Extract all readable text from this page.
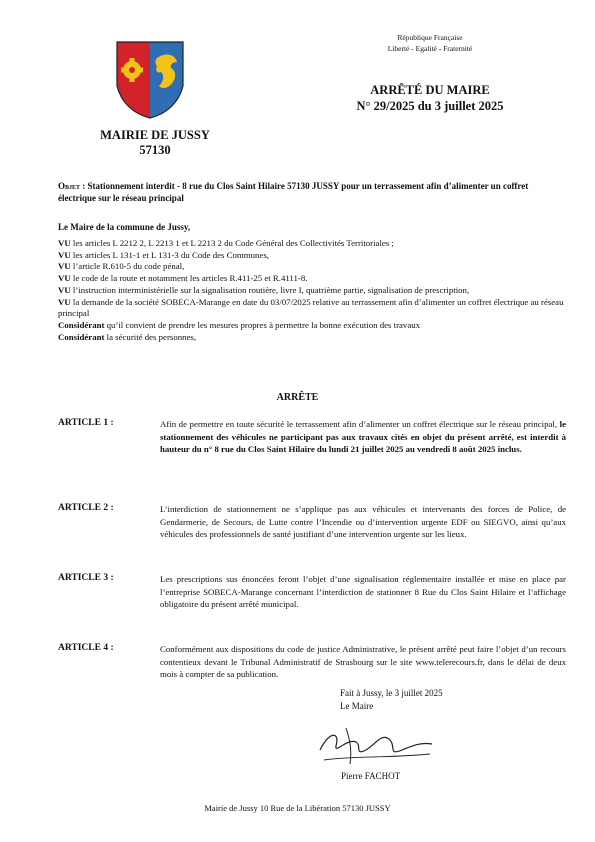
République Française
Liberté - Egalité - Fraternité
MAIRIE DE JUSSY
57130
ARRÊTÉ DU MAIRE
N° 29/2025 du 3 juillet 2025
Objet : Stationnement interdit - 8 rue du Clos Saint Hilaire 57130 JUSSY pour un terrassement afin d’alimenter un coffret électrique sur le réseau principal
Le Maire de la commune de Jussy,

VU les articles L 2212 2, L 2213 1 et L 2213 2 du Code Général des Collectivités Territoriales ;

VU les articles L 131-1 et L 131-3 du Code des Communes,

VU l’article R.610-5 du code pénal,

VU le code de la route et notamment les articles R.411-25 et R.4111-8.

VU l’instruction interministérielle sur la signalisation routière, livre I, quatrième partie, signalisation de prescription,

VU la demande de la société SOBECA-Marange en date du 03/07/2025 relative au terrassement afin d’alimenter un coffret électrique au réseau principal

Considérant qu’il convient de prendre les mesures propres à permettre la bonne exécution des travaux

Considérant la sécurité des personnes,

ARRÊTE
ARTICLE 1 :	Afin de permettre en toute sécurité le terrassement afin d’alimenter un coffret électrique sur le réseau principal, le stationnement des véhicules ne participant pas aux travaux cités en objet du présent arrêté, est interdit à hauteur du n° 8 rue du Clos Saint Hilaire du lundi 21 juillet 2025 au vendredi 8 août 2025 inclus.
ARTICLE 2 :	L’interdiction de stationnement ne s’applique pas aux véhicules et intervenants des forces de Police, de Gendarmerie, de Secours, de Lutte contre l’Incendie ou d’intervention urgente EDF ou SIEGVO, ainsi qu’aux véhicules des professionnels de santé justifiant d’une intervention urgente sur les lieux.
ARTICLE 3 :	Les prescriptions sus énoncées feront l’objet d’une signalisation réglementaire installée et mise en place par l’entreprise SOBECA-Marange concernant l’interdiction de stationner 8 Rue du Clos Saint Hilaire et l’affichage obligatoire du présent arrêté municipal.
ARTICLE 4 :	Conformément aux dispositions du code de justice Administrative, le présent arrêté peut faire l’objet d’un recours contentieux devant le Tribunal Administratif de Strasbourg sur le site www.telerecours.fr, dans le délai de deux mois à compter de sa publication.
Fait à Jussy, le 3 juillet 2025
Le Maire
Pierre FACHOT
Mairie de Jussy 10 Rue de la Libération 57130 JUSSY
